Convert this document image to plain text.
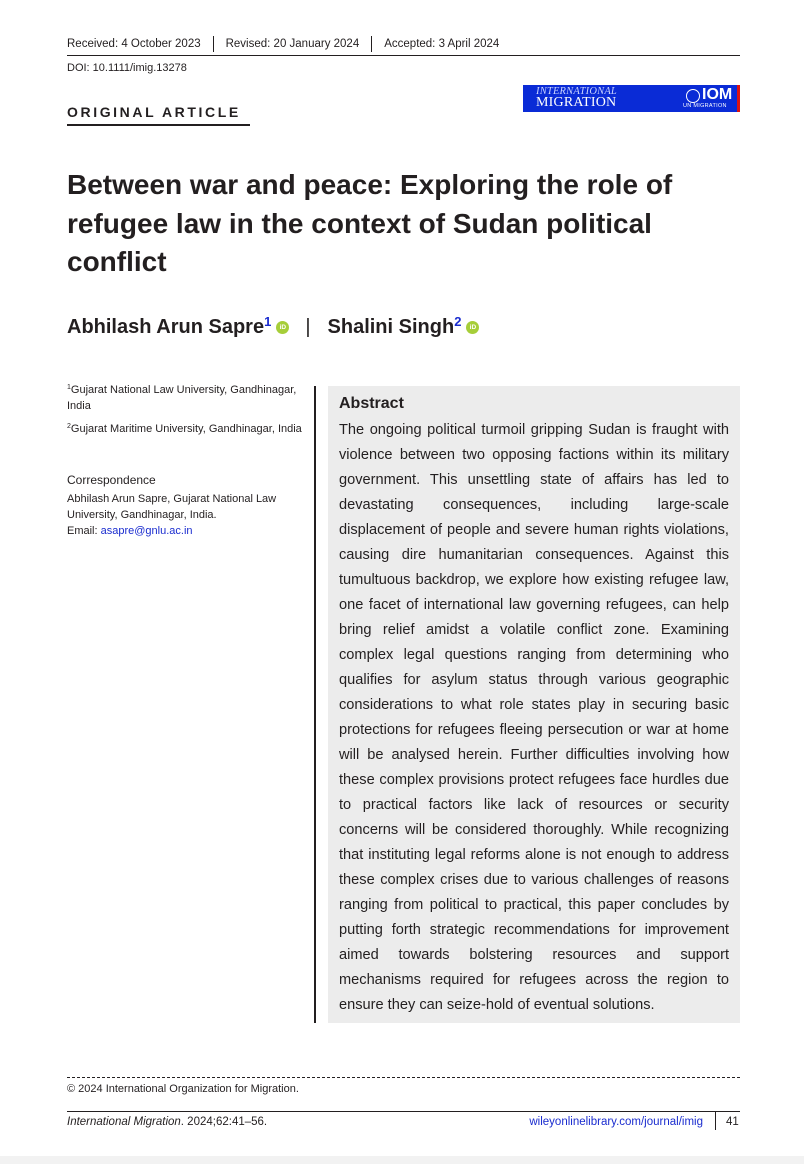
Received: 4 October 2023 Revised: 20 January 2024 Accepted: 3 April 2024
DOI: 10.1111/imig.13278
ORIGINAL ARTICLE
INTERNATIONAL
MIGRATION	IOM
UN MIGRATION
Between war and peace: Exploring the role of refugee law in the context of Sudan political conflict
Abhilash Arun Sapre$^1$	iD | Shalini Singh$^2$	iD
$^1$Gujarat National Law University, Gandhinagar, India
$^2$Gujarat Maritime University, Gandhinagar, India
Correspondence
Abhilash Arun Sapre, Gujarat National Law University, Gandhinagar, India.
Email: asapre@gnlu.ac.in
Abstract

The ongoing political turmoil gripping Sudan is fraught with violence between two opposing factions within its military government. This unsettling state of affairs has led to devastating consequences, including large-scale displacement of people and severe human rights violations, causing dire humanitarian consequences. Against this tumultuous backdrop, we explore how existing refugee law, one facet of international law governing refugees, can help bring relief amidst a volatile conflict zone. Examining complex legal questions ranging from determining who qualifies for asylum status through various geographic considerations to what role states play in securing basic protections for refugees fleeing persecution or war at home will be analysed herein. Further difficulties involving how these complex provisions protect refugees face hurdles due to practical factors like lack of resources or security concerns will be considered thoroughly. While recognizing that instituting legal reforms alone is not enough to address these complex crises due to various challenges of reasons ranging from political to practical, this paper concludes by putting forth strategic recommendations for improvement aimed towards bolstering resources and support mechanisms required for refugees across the region to ensure they can seize-hold of eventual solutions.

© 2024 International Organization for Migration.
International Migration. 2024;62:41–56.	wileyonlinelibrary.com/journal/imig 41
